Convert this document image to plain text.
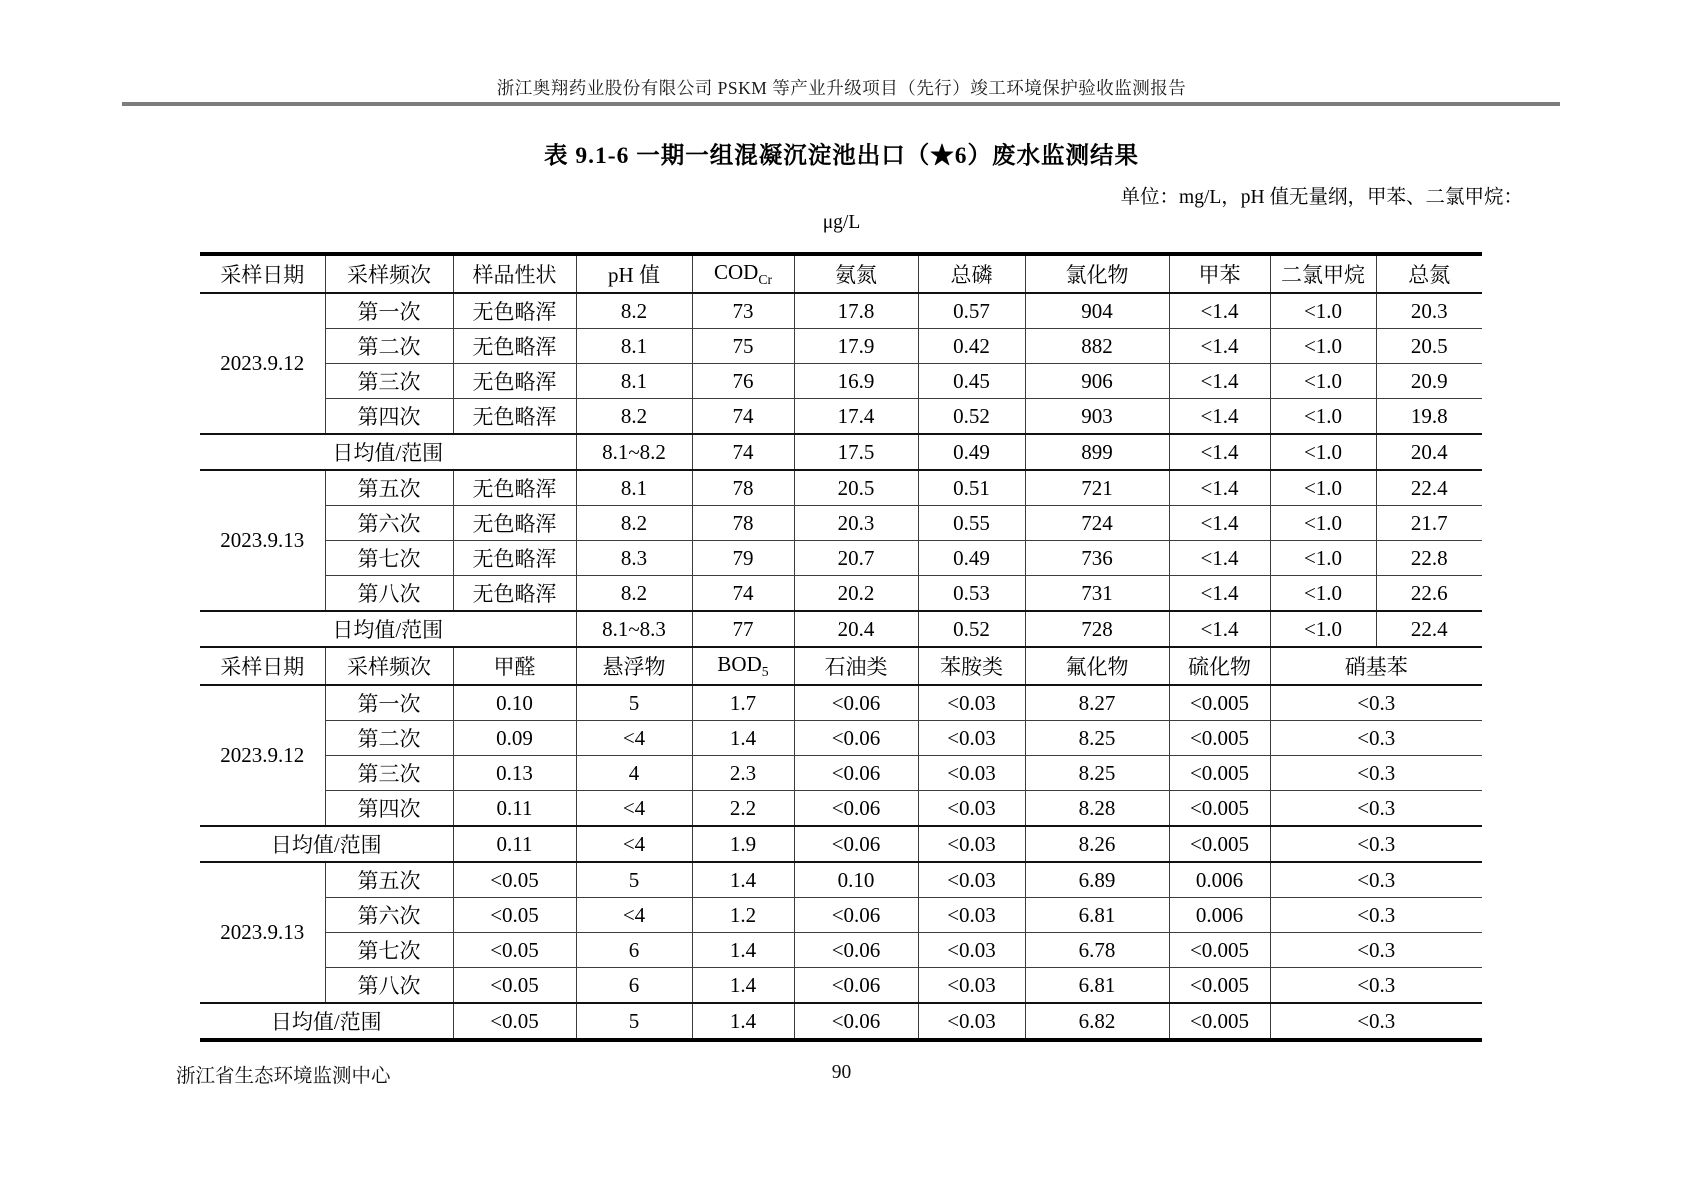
浙江奥翔药业股份有限公司 PSKM 等产业升级项目（先行）竣工环境保护验收监测报告
表 9.1-6 一期一组混凝沉淀池出口（★6）废水监测结果
单位：mg/L，pH 值无量纲，甲苯、二氯甲烷：
μg/L
采样日期	采样频次	样品性状	pH 值	$COD_{Cr}$	氨氮	总磷	氯化物	甲苯	二氯甲烷	总氮
2023.9.12	第一次	无色略浑	8.2	73	17.8	0.57	904	<1.4	<1.0	20.3
	第二次	无色略浑	8.1	75	17.9	0.42	882	<1.4	<1.0	20.5
	第三次	无色略浑	8.1	76	16.9	0.45	906	<1.4	<1.0	20.9
	第四次	无色略浑	8.2	74	17.4	0.52	903	<1.4	<1.0	19.8
日均值/范围			8.1~8.2	74	17.5	0.49	899	<1.4	<1.0	20.4
2023.9.13	第五次	无色略浑	8.1	78	20.5	0.51	721	<1.4	<1.0	22.4
	第六次	无色略浑	8.2	78	20.3	0.55	724	<1.4	<1.0	21.7
	第七次	无色略浑	8.3	79	20.7	0.49	736	<1.4	<1.0	22.8
	第八次	无色略浑	8.2	74	20.2	0.53	731	<1.4	<1.0	22.6
日均值/范围			8.1~8.3	77	20.4	0.52	728	<1.4	<1.0	22.4
采样日期	采样频次	甲醛	悬浮物	$BOD_5$	石油类	苯胺类	氟化物	硫化物	硝基苯	
2023.9.12	第一次	0.10	5	1.7	<0.06	<0.03	8.27	<0.005	<0.3	
	第二次	0.09	<4	1.4	<0.06	<0.03	8.25	<0.005	<0.3	
	第三次	0.13	4	2.3	<0.06	<0.03	8.25	<0.005	<0.3	
	第四次	0.11	<4	2.2	<0.06	<0.03	8.28	<0.005	<0.3	
日均值/范围		0.11	<4	1.9	<0.06	<0.03	8.26	<0.005	<0.3	
2023.9.13	第五次	<0.05	5	1.4	0.10	<0.03	6.89	0.006	<0.3	
	第六次	<0.05	<4	1.2	<0.06	<0.03	6.81	0.006	<0.3	
	第七次	<0.05	6	1.4	<0.06	<0.03	6.78	<0.005	<0.3	
	第八次	<0.05	6	1.4	<0.06	<0.03	6.81	<0.005	<0.3	
日均值/范围		<0.05	5	1.4	<0.06	<0.03	6.82	<0.005	<0.3	
浙江省生态环境监测中心	90
